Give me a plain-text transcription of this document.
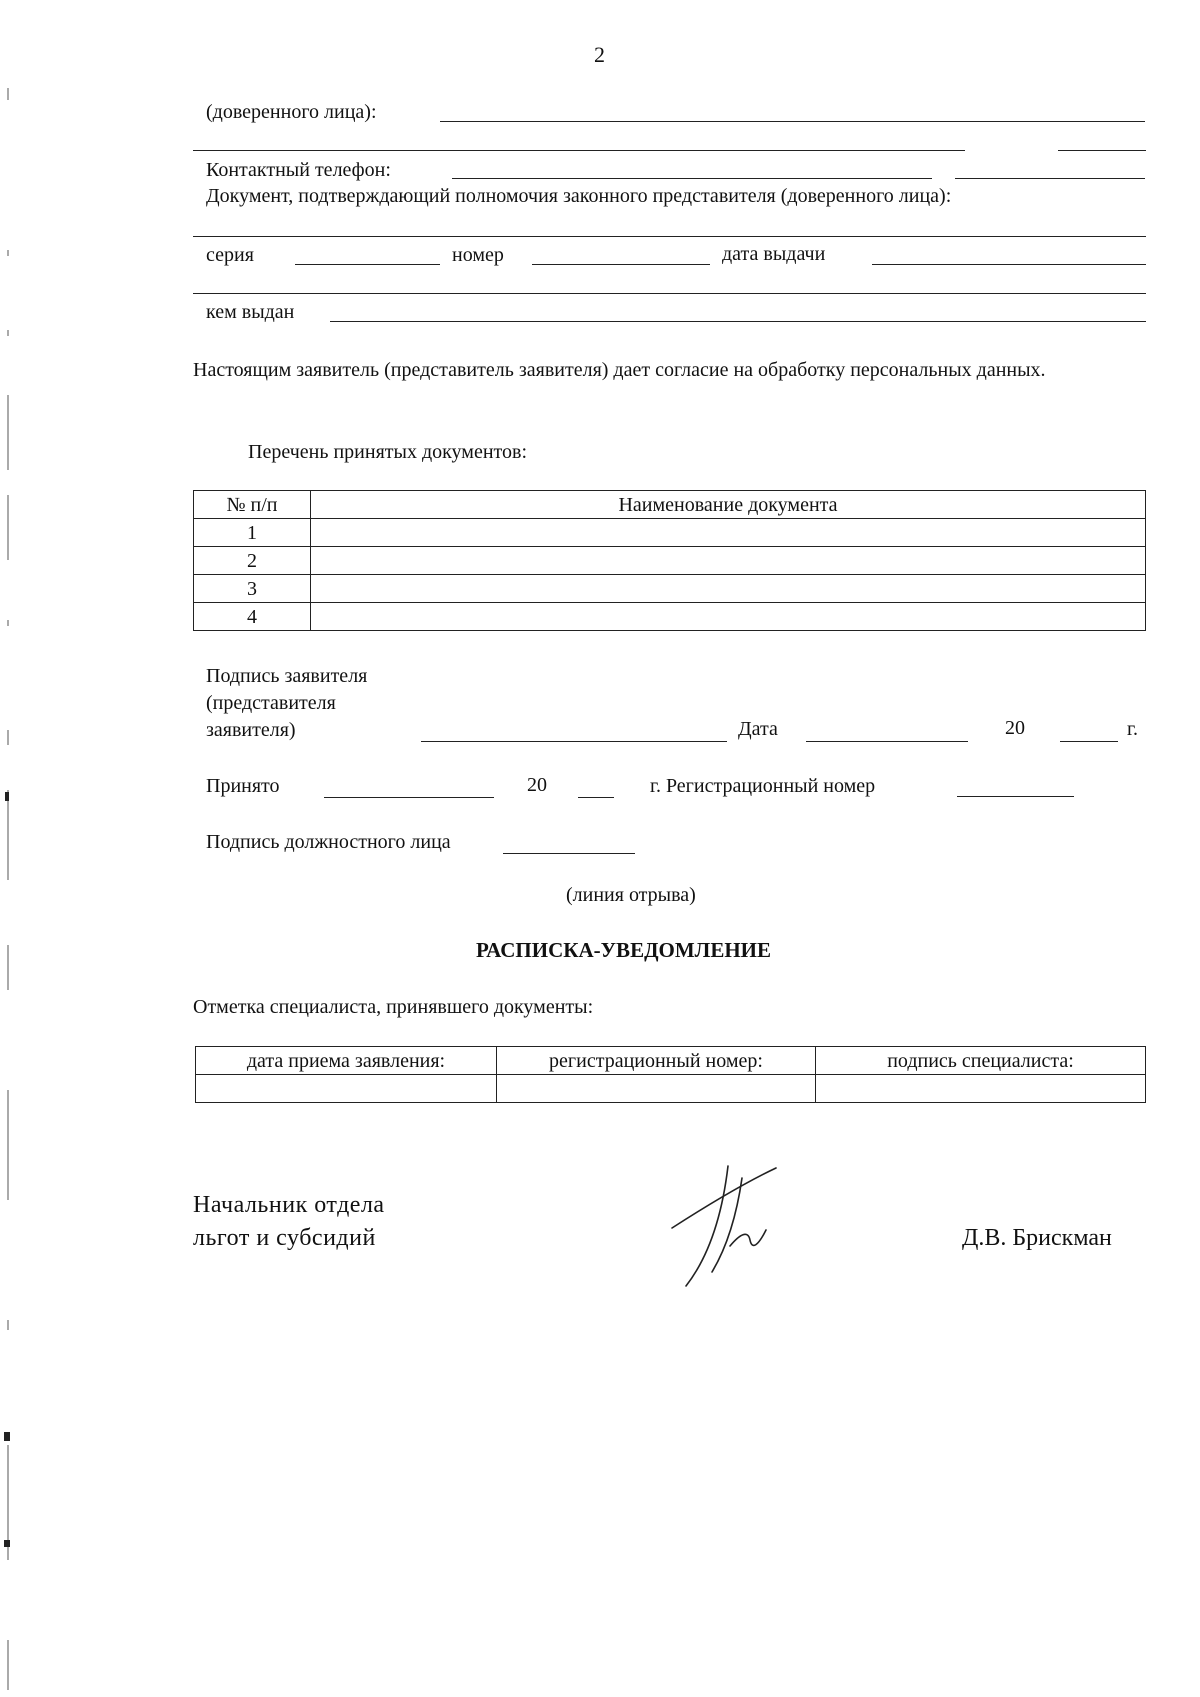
2
(доверенного лица):
Контактный телефон:
Документ, подтверждающий полномочия законного представителя (доверенного лица):
серия	номер	дата выдачи
кем выдан
Настоящим заявитель (представитель заявителя) дает согласие на обработку персональных данных.
Перечень принятых документов:
№ п/п	Наименование документа
1	
2	
3	
4	
Подпись заявителя
(представителя
заявителя)	Дата	20	г.
Принято	20	г. Регистрационный номер
Подпись должностного лица
(линия отрыва)
РАСПИСКА-УВЕДОМЛЕНИЕ
Отметка специалиста, принявшего документы:
дата приема заявления:	регистрационный номер:	подпись специалиста:

Начальник отдела
льгот и субсидий	Д.В. Брискман
